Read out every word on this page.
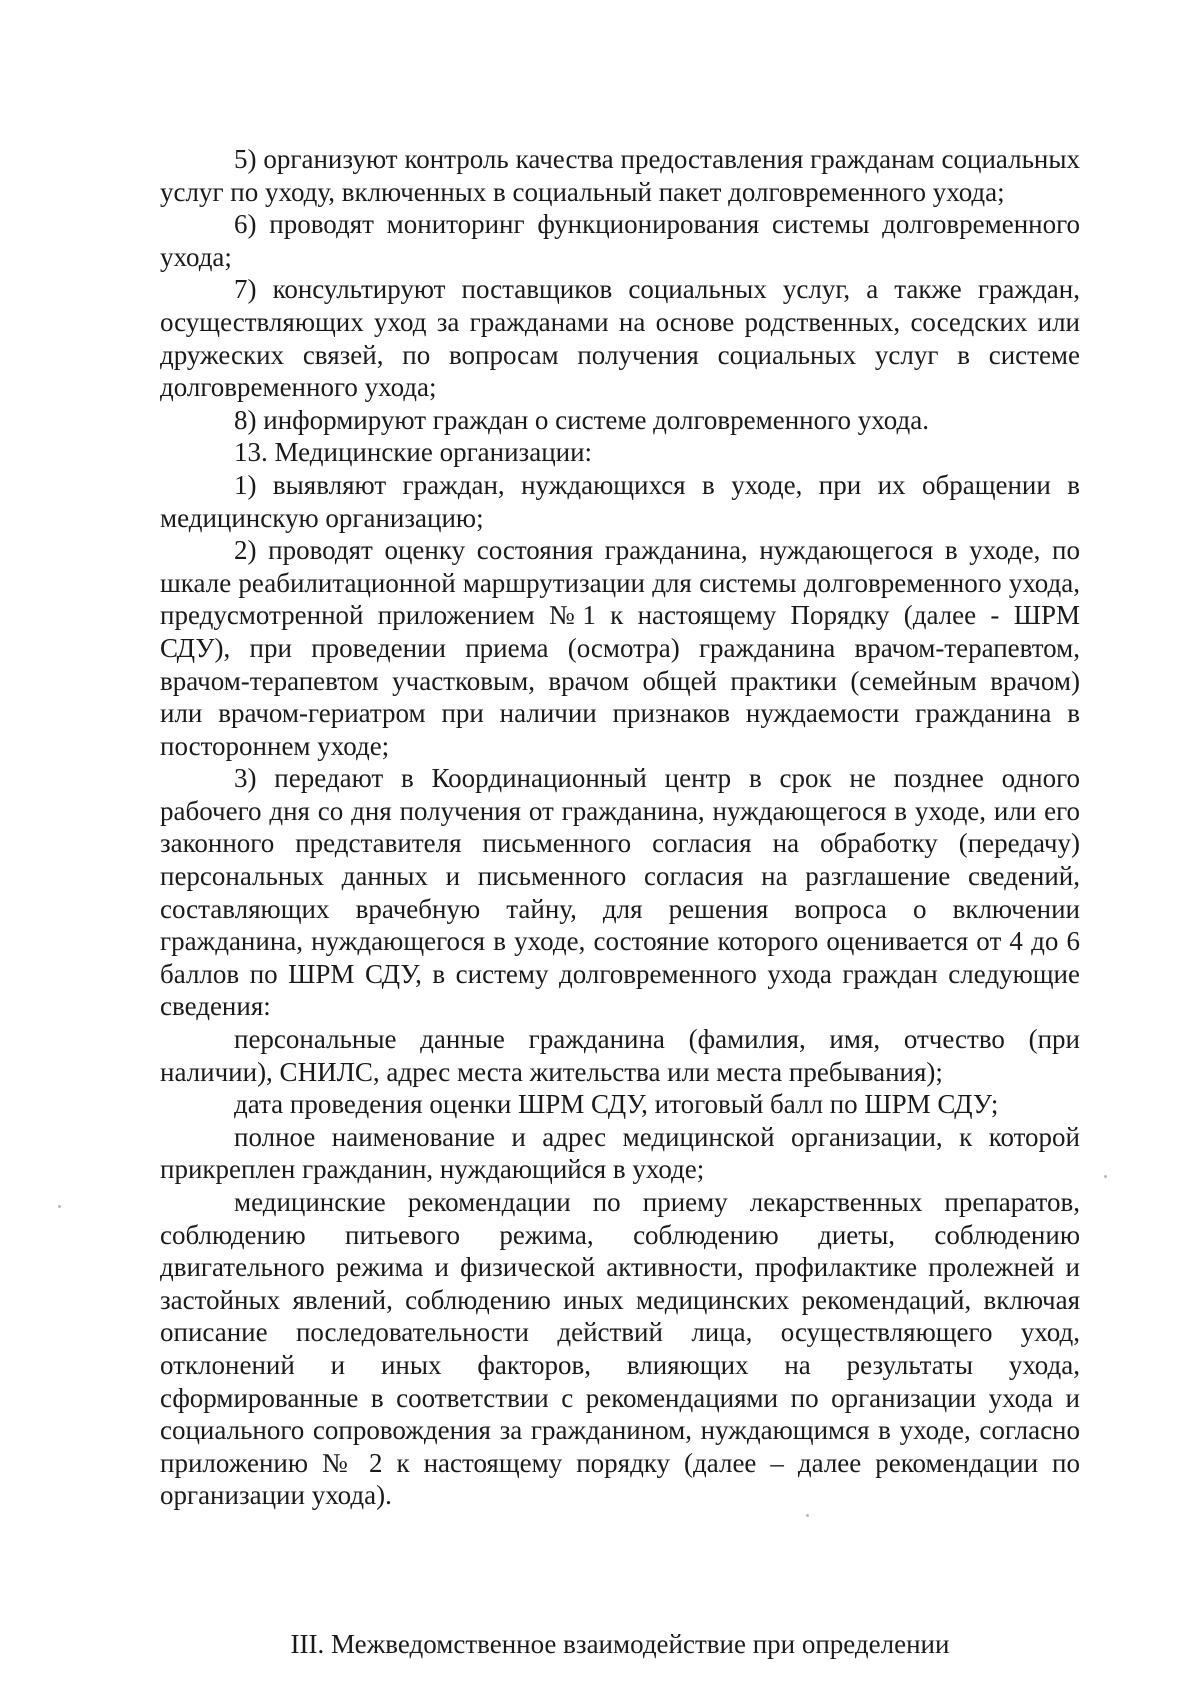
5) организуют контроль качества предоставления гражданам социальных услуг по уходу, включенных в социальный пакет долговременного ухода;

6) проводят мониторинг функционирования системы долговременного ухода;

7) консультируют поставщиков социальных услуг, а также граждан, осуществляющих уход за гражданами на основе родственных, соседских или дружеских связей, по вопросам получения социальных услуг в системе долговременного ухода;

8) информируют граждан о системе долговременного ухода.

13. Медицинские организации:

1) выявляют граждан, нуждающихся в уходе, при их обращении в медицинскую организацию;

2) проводят оценку состояния гражданина, нуждающегося в уходе, по шкале реабилитационной маршрутизации для системы долговременного ухода, предусмотренной приложением №1 к настоящему Порядку (далее - ШРМ СДУ), при проведении приема (осмотра) гражданина врачом-терапевтом, врачом-терапевтом участковым, врачом общей практики (семейным врачом) или врачом-гериатром при наличии признаков нуждаемости гражданина в постороннем уходе;

3) передают в Координационный центр в срок не позднее одного рабочего дня со дня получения от гражданина, нуждающегося в уходе, или его законного представителя письменного согласия на обработку (передачу) персональных данных и письменного согласия на разглашение сведений, составляющих врачебную тайну, для решения вопроса о включении гражданина, нуждающегося в уходе, состояние которого оценивается от 4 до 6 баллов по ШРМ СДУ, в систему долговременного ухода граждан следующие сведения:

персональные данные гражданина (фамилия, имя, отчество (при наличии), СНИЛС, адрес места жительства или места пребывания);

дата проведения оценки ШРМ СДУ, итоговый балл по ШРМ СДУ;

полное наименование и адрес медицинской организации, к которой прикреплен гражданин, нуждающийся в уходе;

медицинские рекомендации по приему лекарственных препаратов, соблюдению питьевого режима, соблюдению диеты, соблюдению двигательного режима и физической активности, профилактике пролежней и застойных явлений, соблюдению иных медицинских рекомендаций, включая описание последовательности действий лица, осуществляющего уход, отклонений и иных факторов, влияющих на результаты ухода, сформированные в соответствии с рекомендациями по организации ухода и социального сопровождения за гражданином, нуждающимся в уходе, согласно приложению № 2 к настоящему порядку (далее – далее рекомендации по организации ухода).

III. Межведомственное взаимодействие при определении
